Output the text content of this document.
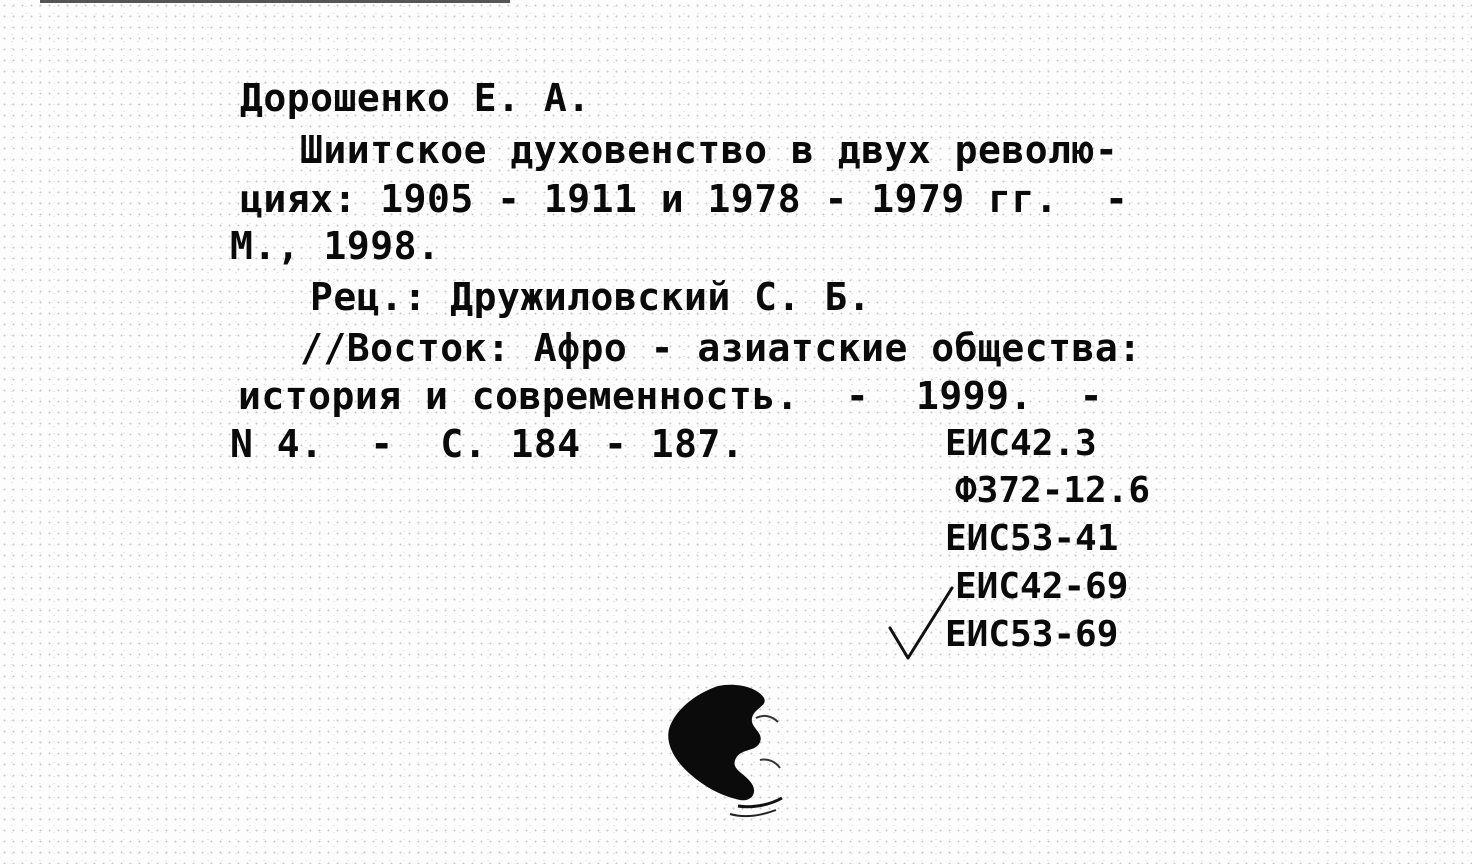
Дорошенко Е. А.
Шиитское духовенство в двух револю-
циях: 1905 - 1911 и 1978 - 1979 гг.  -
М., 1998.
Рец.: Дружиловский С. Б.
//Восток: Афро - азиатские общества:
история и современность.  -  1999.  -
N 4.  -  С. 184 - 187.	ЕИС42.3
Ф372-12.6
ЕИС53-41
ЕИС42-69
ЕИС53-69
